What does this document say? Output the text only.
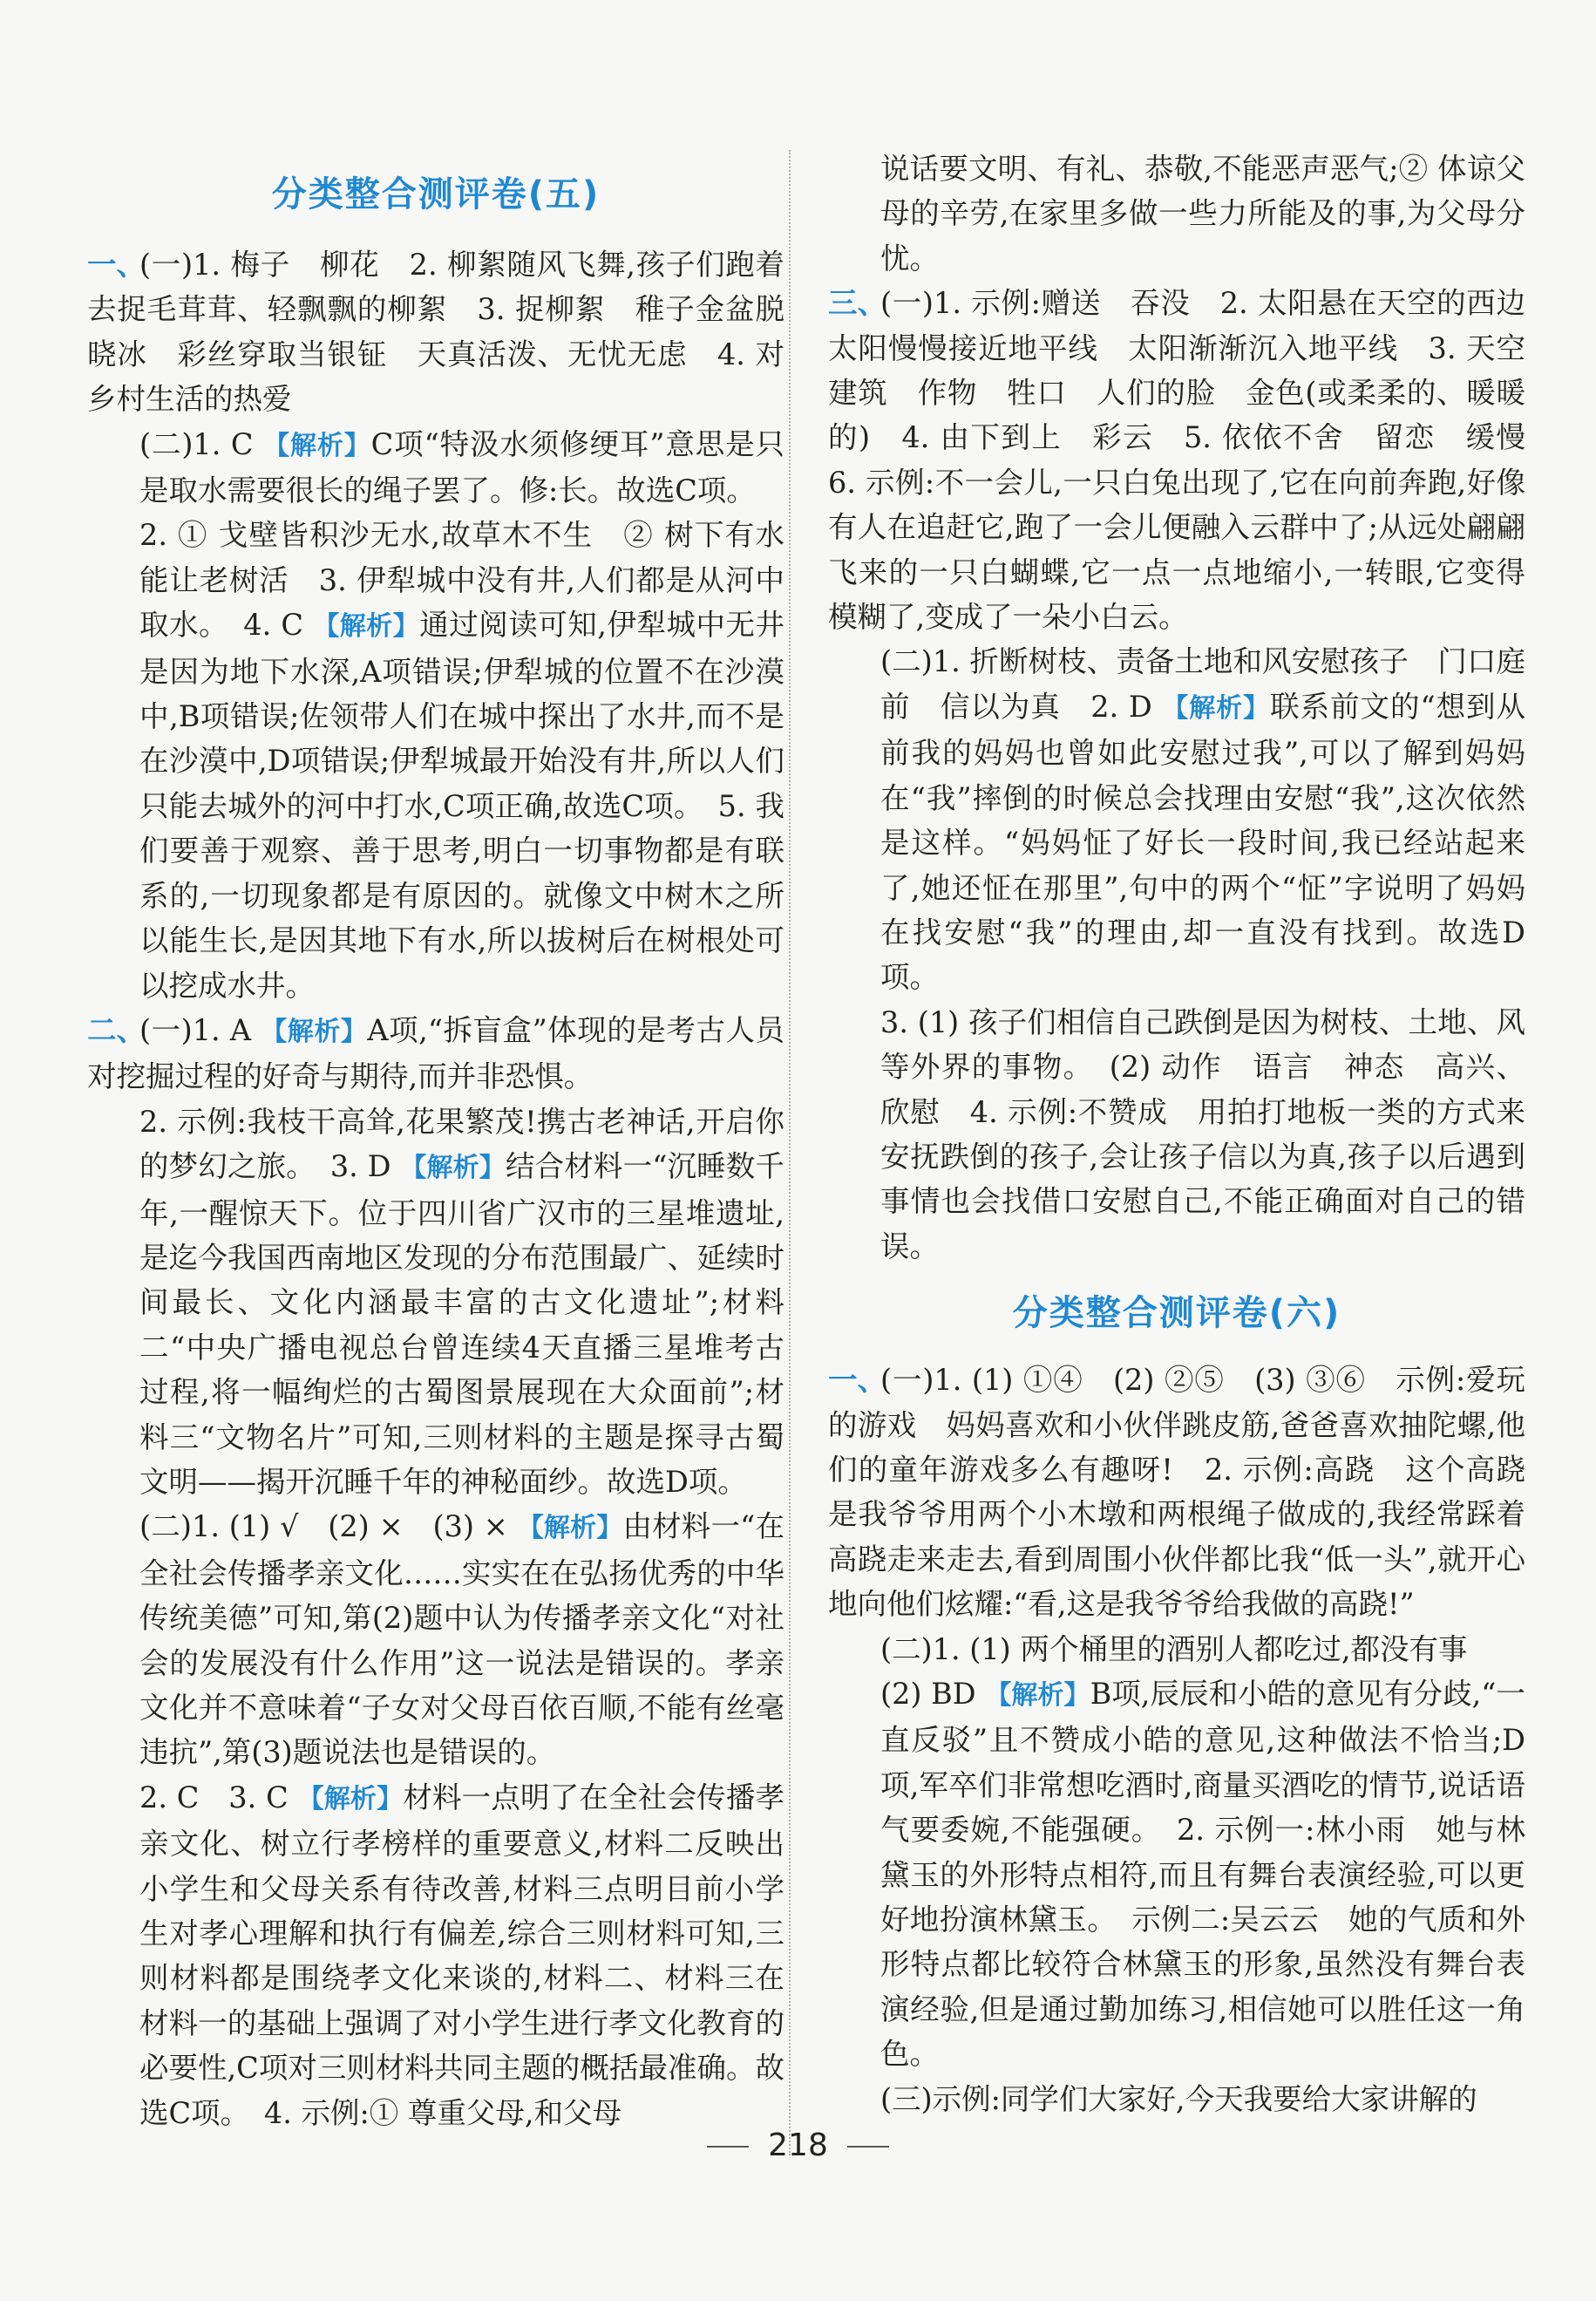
分类整合测评卷(五)

一、(一)1. 梅子　柳花　2. 柳絮随风飞舞,孩子们跑着去捉毛茸茸、轻飘飘的柳絮　3. 捉柳絮　稚子金盆脱晓冰　彩丝穿取当银钲　天真活泼、无忧无虑　4. 对乡村生活的热爱

(二)1. C 【解析】C项“特汲水须修绠耳”意思是只是取水需要很长的绳子罢了。修:长。故选C项。

2. ① 戈壁皆积沙无水,故草木不生　② 树下有水能让老树活　3. 伊犁城中没有井,人们都是从河中取水。　4. C 【解析】通过阅读可知,伊犁城中无井是因为地下水深,A项错误;伊犁城的位置不在沙漠中,B项错误;佐领带人们在城中探出了水井,而不是在沙漠中,D项错误;伊犁城最开始没有井,所以人们只能去城外的河中打水,C项正确,故选C项。　5. 我们要善于观察、善于思考,明白一切事物都是有联系的,一切现象都是有原因的。就像文中树木之所以能生长,是因其地下有水,所以拔树后在树根处可以挖成水井。

二、(一)1. A 【解析】A项,“拆盲盒”体现的是考古人员对挖掘过程的好奇与期待,而并非恐惧。

2. 示例:我枝干高耸,花果繁茂!携古老神话,开启你的梦幻之旅。　3. D 【解析】结合材料一“沉睡数千年,一醒惊天下。位于四川省广汉市的三星堆遗址,是迄今我国西南地区发现的分布范围最广、延续时间最长、文化内涵最丰富的古文化遗址”;材料二“中央广播电视总台曾连续4天直播三星堆考古过程,将一幅绚烂的古蜀图景展现在大众面前”;材料三“文物名片”可知,三则材料的主题是探寻古蜀文明——揭开沉睡千年的神秘面纱。故选D项。

(二)1. (1) √　(2) ×　(3) × 【解析】由材料一“在全社会传播孝亲文化……实实在在弘扬优秀的中华传统美德”可知,第(2)题中认为传播孝亲文化“对社会的发展没有什么作用”这一说法是错误的。孝亲文化并不意味着“子女对父母百依百顺,不能有丝毫违抗”,第(3)题说法也是错误的。

2. C　3. C 【解析】材料一点明了在全社会传播孝亲文化、树立行孝榜样的重要意义,材料二反映出小学生和父母关系有待改善,材料三点明目前小学生对孝心理解和执行有偏差,综合三则材料可知,三则材料都是围绕孝文化来谈的,材料二、材料三在材料一的基础上强调了对小学生进行孝文化教育的必要性,C项对三则材料共同主题的概括最准确。故选C项。　4. 示例:① 尊重父母,和父母

说话要文明、有礼、恭敬,不能恶声恶气;② 体谅父母的辛劳,在家里多做一些力所能及的事,为父母分忧。

三、(一)1. 示例:赠送　吞没　2. 太阳悬在天空的西边　太阳慢慢接近地平线　太阳渐渐沉入地平线　3. 天空　建筑　作物　牲口　人们的脸　金色(或柔柔的、暖暖的)　4. 由下到上　彩云　5. 依依不舍　留恋　缓慢　6. 示例:不一会儿,一只白兔出现了,它在向前奔跑,好像有人在追赶它,跑了一会儿便融入云群中了;从远处翩翩飞来的一只白蝴蝶,它一点一点地缩小,一转眼,它变得模糊了,变成了一朵小白云。

(二)1. 折断树枝、责备土地和风安慰孩子　门口庭前　信以为真　2. D 【解析】联系前文的“想到从前我的妈妈也曾如此安慰过我”,可以了解到妈妈在“我”摔倒的时候总会找理由安慰“我”,这次依然是这样。“妈妈怔了好长一段时间,我已经站起来了,她还怔在那里”,句中的两个“怔”字说明了妈妈在找安慰“我”的理由,却一直没有找到。故选D项。

3. (1) 孩子们相信自己跌倒是因为树枝、土地、风等外界的事物。　(2) 动作　语言　神态　高兴、欣慰　4. 示例:不赞成　用拍打地板一类的方式来安抚跌倒的孩子,会让孩子信以为真,孩子以后遇到事情也会找借口安慰自己,不能正确面对自己的错误。

分类整合测评卷(六)

一、(一)1. (1) ①④　(2) ②⑤　(3) ③⑥　示例:爱玩的游戏　妈妈喜欢和小伙伴跳皮筋,爸爸喜欢抽陀螺,他们的童年游戏多么有趣呀!　2. 示例:高跷　这个高跷是我爷爷用两个小木墩和两根绳子做成的,我经常踩着高跷走来走去,看到周围小伙伴都比我“低一头”,就开心地向他们炫耀:“看,这是我爷爷给我做的高跷!”

(二)1. (1) 两个桶里的酒别人都吃过,都没有事

(2) BD 【解析】B项,辰辰和小皓的意见有分歧,“一直反驳”且不赞成小皓的意见,这种做法不恰当;D项,军卒们非常想吃酒时,商量买酒吃的情节,说话语气要委婉,不能强硬。　2. 示例一:林小雨　她与林黛玉的外形特点相符,而且有舞台表演经验,可以更好地扮演林黛玉。　示例二:吴云云　她的气质和外形特点都比较符合林黛玉的形象,虽然没有舞台表演经验,但是通过勤加练习,相信她可以胜任这一角色。

(三)示例:同学们大家好,今天我要给大家讲解的

218
